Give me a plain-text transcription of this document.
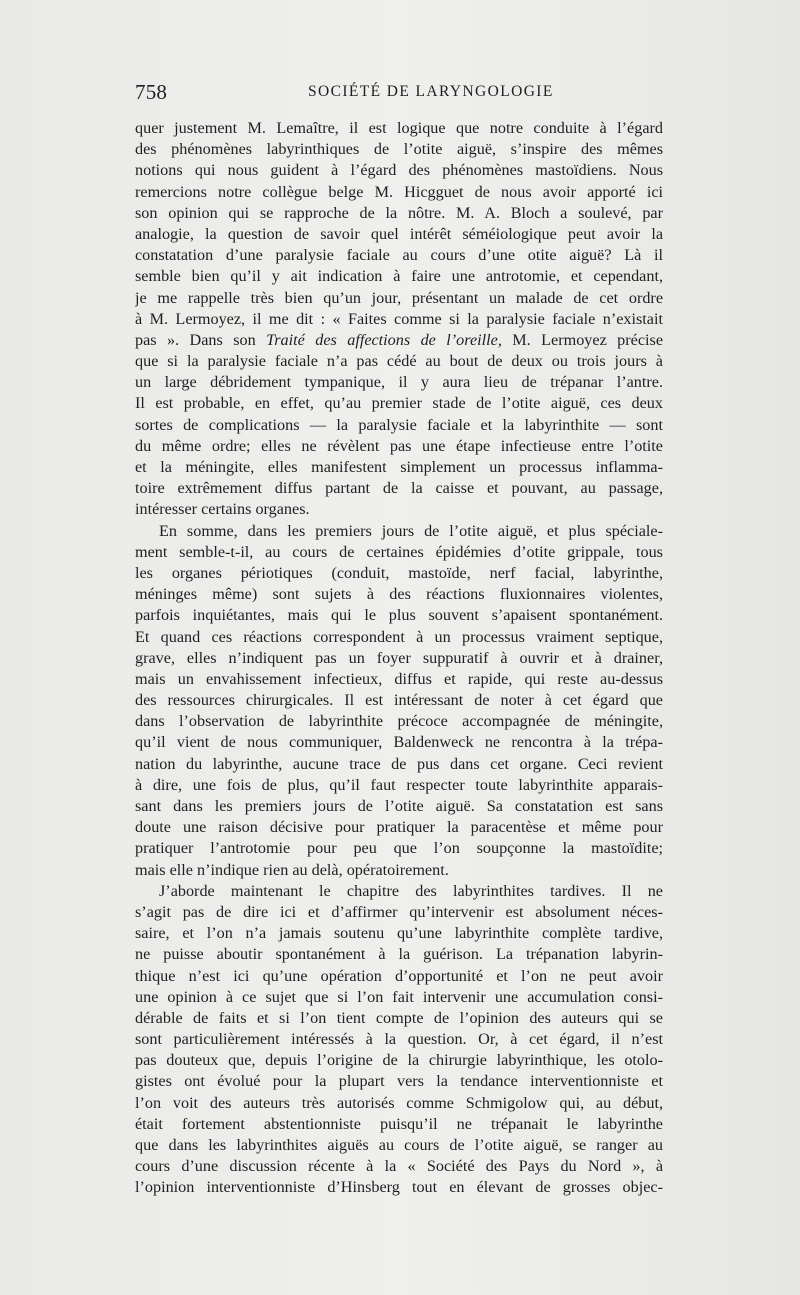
758	SOCIÉTÉ DE LARYNGOLOGIE
quer justement M. Lemaître, il est logique que notre conduite à l’égard
des phénomènes labyrinthiques de l’otite aiguë, s’inspire des mêmes
notions qui nous guident à l’égard des phénomènes mastoïdiens. Nous
remercions notre collègue belge M. Hicgguet de nous avoir apporté ici
son opinion qui se rapproche de la nôtre. M. A. Bloch a soulevé, par
analogie, la question de savoir quel intérêt séméiologique peut avoir la
constatation d’une paralysie faciale au cours d’une otite aiguë? Là il
semble bien qu’il y ait indication à faire une antrotomie, et cependant,
je me rappelle très bien qu’un jour, présentant un malade de cet ordre
à M. Lermoyez, il me dit : « Faites comme si la paralysie faciale n’existait
pas ». Dans son Traité des affections de l’oreille, M. Lermoyez précise
que si la paralysie faciale n’a pas cédé au bout de deux ou trois jours à
un large débridement tympanique, il y aura lieu de trépanar l’antre.
Il est probable, en effet, qu’au premier stade de l’otite aiguë, ces deux
sortes de complications — la paralysie faciale et la labyrinthite — sont
du même ordre; elles ne révèlent pas une étape infectieuse entre l’otite
et la méningite, elles manifestent simplement un processus inflamma-
toire extrêmement diffus partant de la caisse et pouvant, au passage,
intéresser certains organes.
En somme, dans les premiers jours de l’otite aiguë, et plus spéciale-
ment semble-t-il, au cours de certaines épidémies d’otite grippale, tous
les organes périotiques (conduit, mastoïde, nerf facial, labyrinthe,
méninges même) sont sujets à des réactions fluxionnaires violentes,
parfois inquiétantes, mais qui le plus souvent s’apaisent spontanément.
Et quand ces réactions correspondent à un processus vraiment septique,
grave, elles n’indiquent pas un foyer suppuratif à ouvrir et à drainer,
mais un envahissement infectieux, diffus et rapide, qui reste au-dessus
des ressources chirurgicales. Il est intéressant de noter à cet égard que
dans l’observation de labyrinthite précoce accompagnée de méningite,
qu’il vient de nous communiquer, Baldenweck ne rencontra à la trépa-
nation du labyrinthe, aucune trace de pus dans cet organe. Ceci revient
à dire, une fois de plus, qu’il faut respecter toute labyrinthite apparais-
sant dans les premiers jours de l’otite aiguë. Sa constatation est sans
doute une raison décisive pour pratiquer la paracentèse et même pour
pratiquer l’antrotomie pour peu que l’on soupçonne la mastoïdite;
mais elle n’indique rien au delà, opératoirement.
J’aborde maintenant le chapitre des labyrinthites tardives. Il ne
s’agit pas de dire ici et d’affirmer qu’intervenir est absolument néces-
saire, et l’on n’a jamais soutenu qu’une labyrinthite complète tardive,
ne puisse aboutir spontanément à la guérison. La trépanation labyrin-
thique n’est ici qu’une opération d’opportunité et l’on ne peut avoir
une opinion à ce sujet que si l’on fait intervenir une accumulation consi-
dérable de faits et si l’on tient compte de l’opinion des auteurs qui se
sont particulièrement intéressés à la question. Or, à cet égard, il n’est
pas douteux que, depuis l’origine de la chirurgie labyrinthique, les otolo-
gistes ont évolué pour la plupart vers la tendance interventionniste et
l’on voit des auteurs très autorisés comme Schmigolow qui, au début,
était fortement abstentionniste puisqu’il ne trépanait le labyrinthe
que dans les labyrinthites aiguës au cours de l’otite aiguë, se ranger au
cours d’une discussion récente à la « Société des Pays du Nord », à
l’opinion interventionniste d’Hinsberg tout en élevant de grosses objec-
